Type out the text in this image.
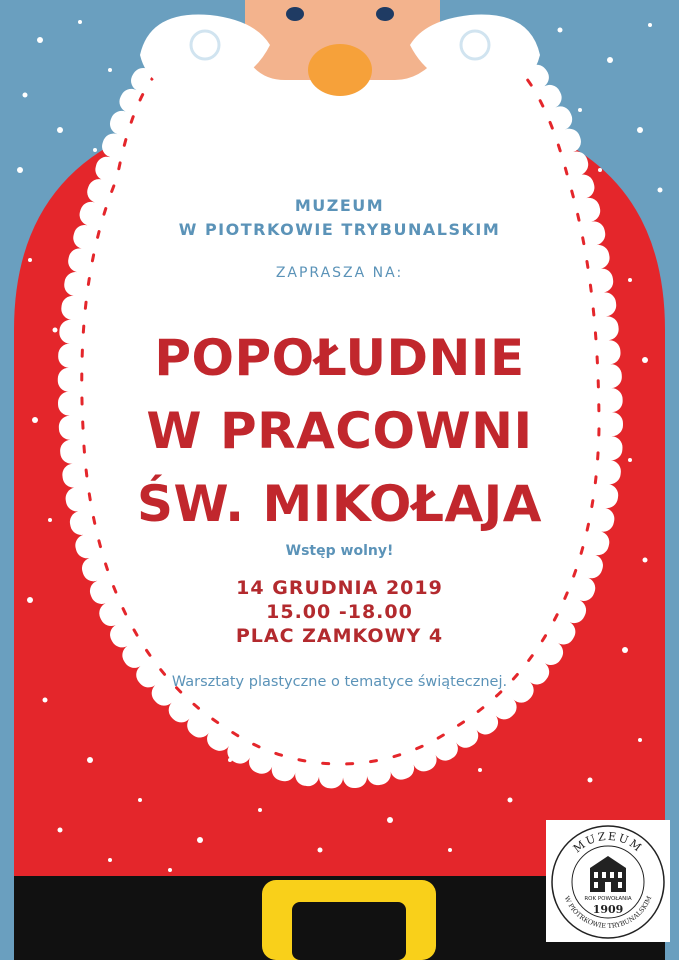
MUZEUM
W PIOTRKOWIE TRYBUNALSKIM

ZAPRASZA NA:

POPOŁUDNIE
W PRACOWNI
ŚW. MIKOŁAJA

Wstęp wolny!

14 GRUDNIA 2019
15.00 -18.00
PLAC ZAMKOWY 4

Warsztaty plastyczne o tematyce świątecznej.

MUZEUM
W PIOTRKOWIE TRYBUNALSKIM
ROK POWOŁANIA
1909
